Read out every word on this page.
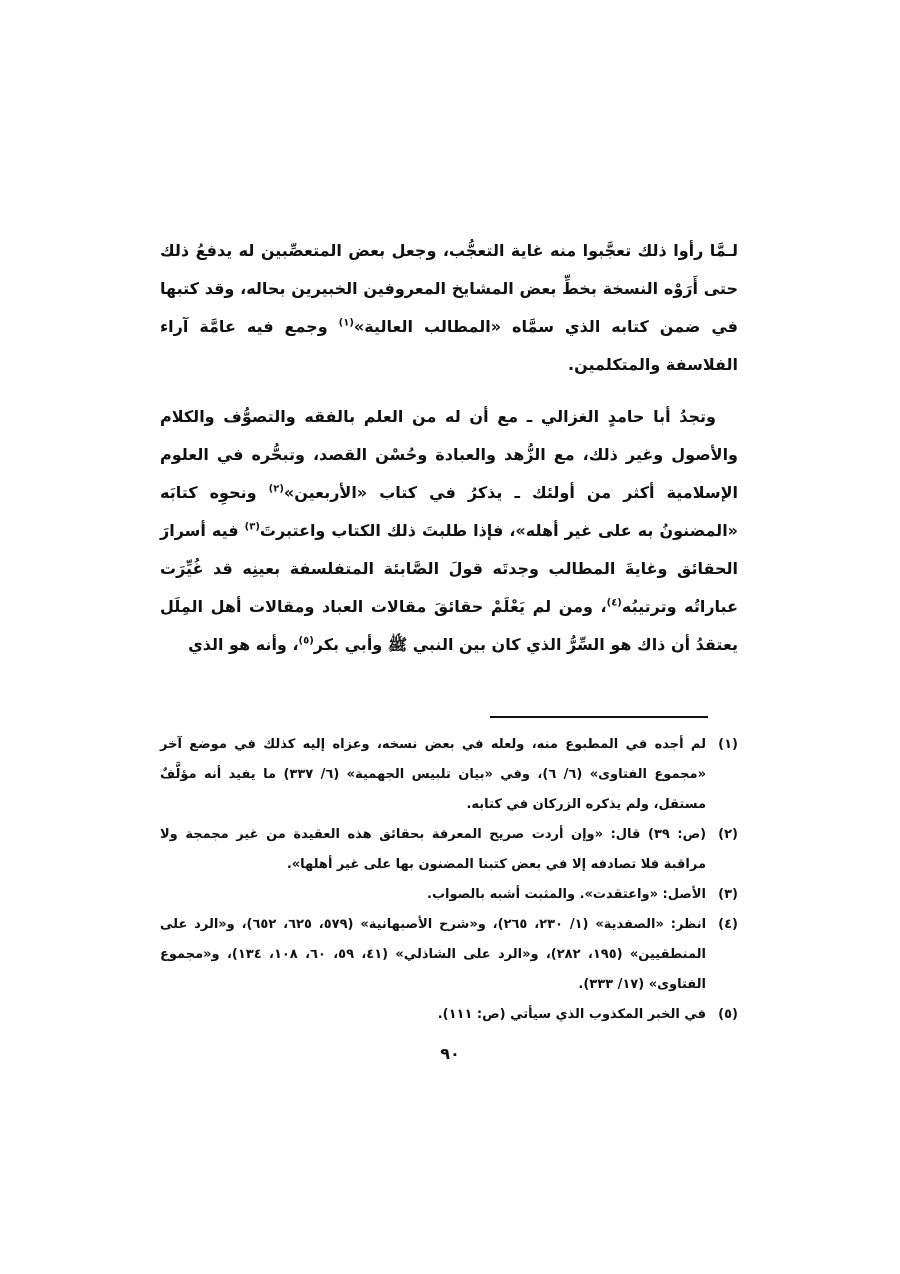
لـمَّا رأوا ذلك تعجَّبوا منه غاية التعجُّب، وجعل بعض المتعصِّبين له يدفعُ ذلك حتى أَرَوْه النسخة بخطِّ بعض المشايخ المعروفين الخبيرين بحاله، وقد كتبها في ضمن كتابه الذي سمَّاه «المطالب العالية»$^{(١)}$ وجمع فيه عامَّة آراء الفلاسفة والمتكلمين.

وتجدُ أبا حامدٍ الغزالي ـ مع أن له من العلم بالفقه والتصوُّف والكلام والأصول وغير ذلك، مع الزُّهد والعبادة وحُسْن القصد، وتبحُّره في العلوم الإسلامية أكثر من أولئك ـ يذكرُ في كتاب «الأربعين»$^{(٢)}$ ونحوِه كتابَه «المضنونُ به على غير أهله»، فإذا طلبتَ ذلك الكتاب واعتبرتَ$^{(٣)}$ فيه أسرارَ الحقائق وغايةَ المطالب وجدتَه قولَ الصَّابئة المتفلسفة بعينِه قد غُيِّرَت عباراتُه وترتيبُه$^{(٤)}$، ومن لم يَعْلَمْ حقائقَ مقالات العباد ومقالات أهل المِلَل يعتقدُ أن ذاك هو السِّرُّ الذي كان بين النبي ﷺ وأبي بكر$^{(٥)}$، وأنه هو الذي

(١)
لم أجده في المطبوع منه، ولعله في بعض نسخه، وعزاه إليه كذلك في موضع آخر «مجموع الفتاوى» (٦/ ٦)، وفي «بيان تلبيس الجهمية» (٦/ ٣٣٧) ما يفيد أنه مؤلَّفٌ مستقل، ولم يذكره الزركان في كتابه.
(٢)
(ص: ٣٩) قال: «وإن أردت صريح المعرفة بحقائق هذه العقيدة من غير مجمجة ولا مراقبة فلا تصادفه إلا في بعض كتبنا المضنون بها على غير أهلها».
(٣)
الأصل: «واعتقدت». والمثبت أشبه بالصواب.
(٤)
انظر: «الصفدية» (١/ ٢٣٠، ٢٦٥)، و«شرح الأصبهانية» (٥٧٩، ٦٢٥، ٦٥٢)، و«الرد على المنطقيين» (١٩٥، ٢٨٢)، و«الرد على الشاذلي» (٤١، ٥٩، ٦٠، ١٠٨، ١٣٤)، و«مجموع الفتاوى» (١٧/ ٣٣٣).
(٥)
في الخبر المكذوب الذي سيأتي (ص: ١١١).
٩٠
